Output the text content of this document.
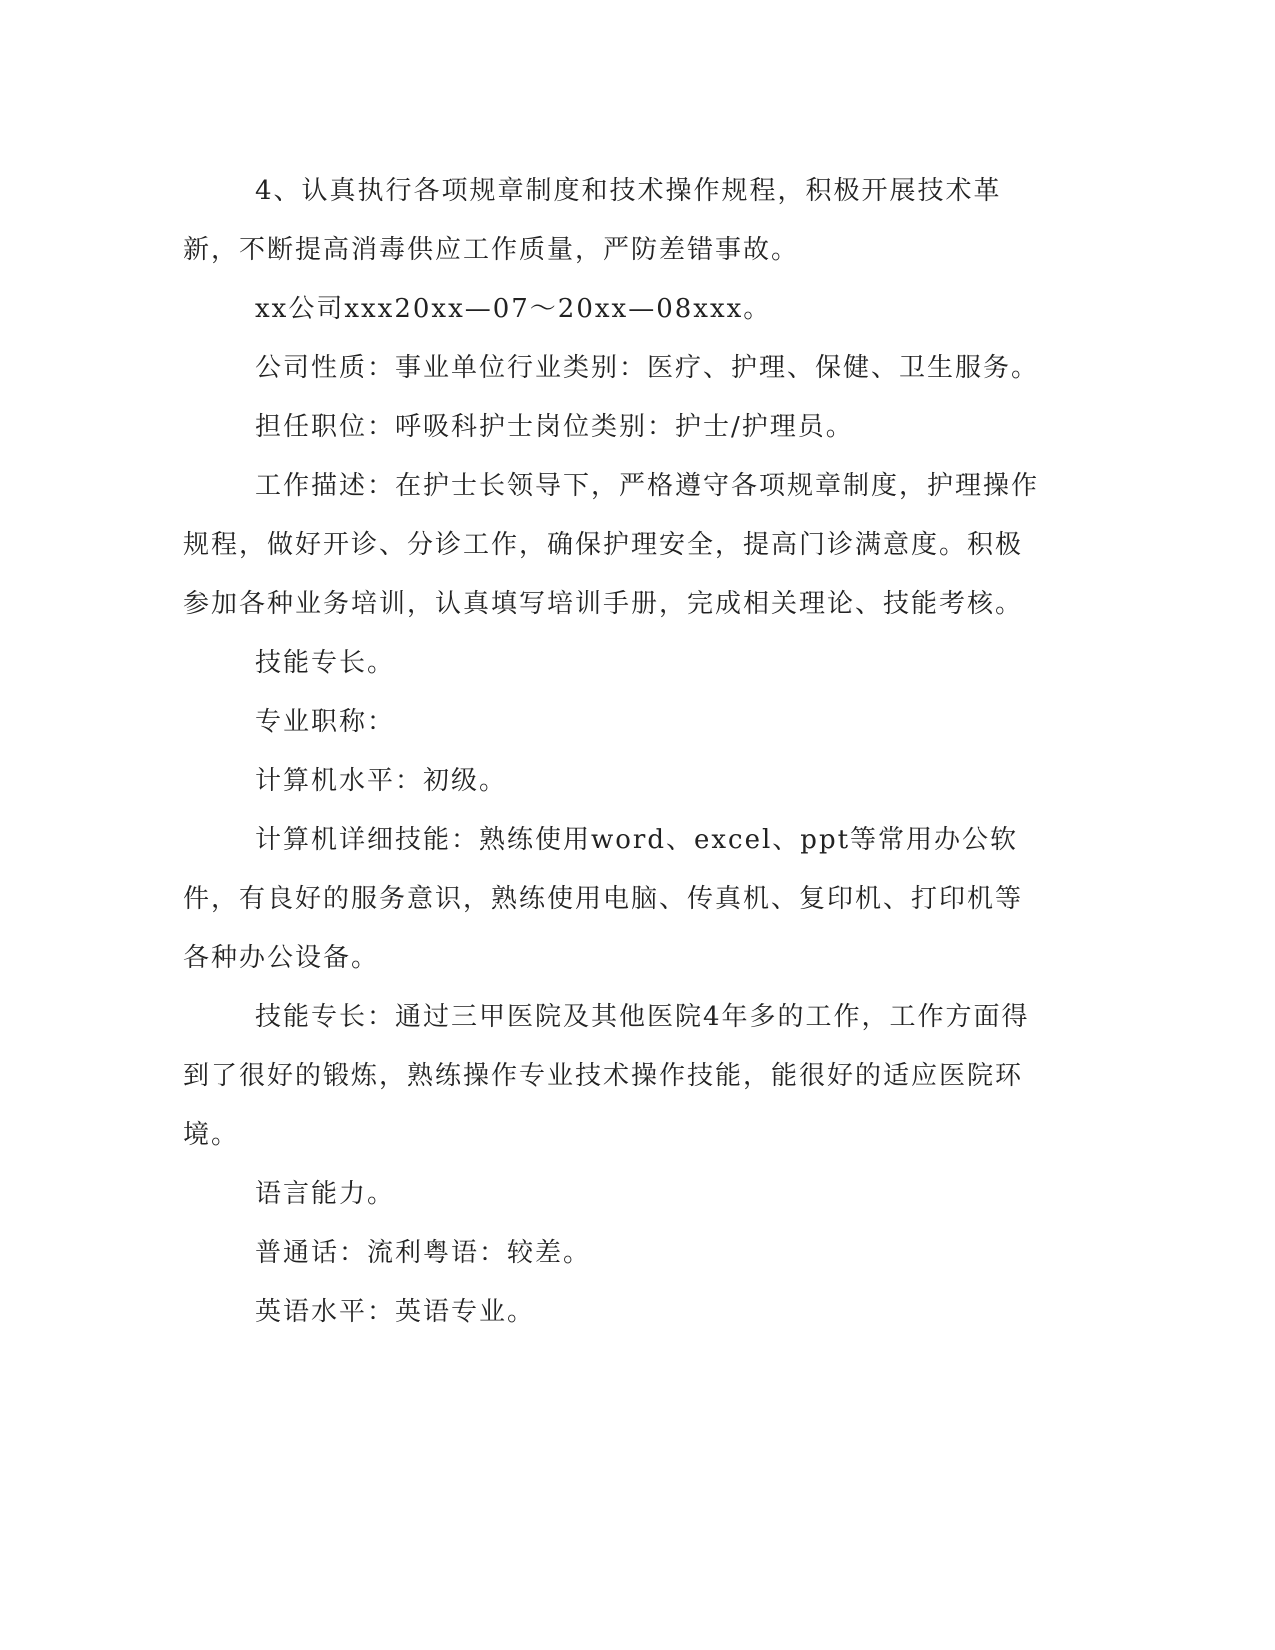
4、认真执行各项规章制度和技术操作规程，积极开展技术革新，不断提高消毒供应工作质量，严防差错事故。

xx公司xxx20xx—07～20xx—08xxx。

公司性质：事业单位行业类别：医疗、护理、保健、卫生服务。

担任职位：呼吸科护士岗位类别：护士/护理员。

工作描述：在护士长领导下，严格遵守各项规章制度，护理操作规程，做好开诊、分诊工作，确保护理安全，提高门诊满意度。积极参加各种业务培训，认真填写培训手册，完成相关理论、技能考核。

技能专长。

专业职称：

计算机水平：初级。

计算机详细技能：熟练使用word、excel、ppt等常用办公软件，有良好的服务意识，熟练使用电脑、传真机、复印机、打印机等各种办公设备。

技能专长：通过三甲医院及其他医院4年多的工作，工作方面得到了很好的锻炼，熟练操作专业技术操作技能，能很好的适应医院环境。

语言能力。

普通话：流利粤语：较差。

英语水平：英语专业。
